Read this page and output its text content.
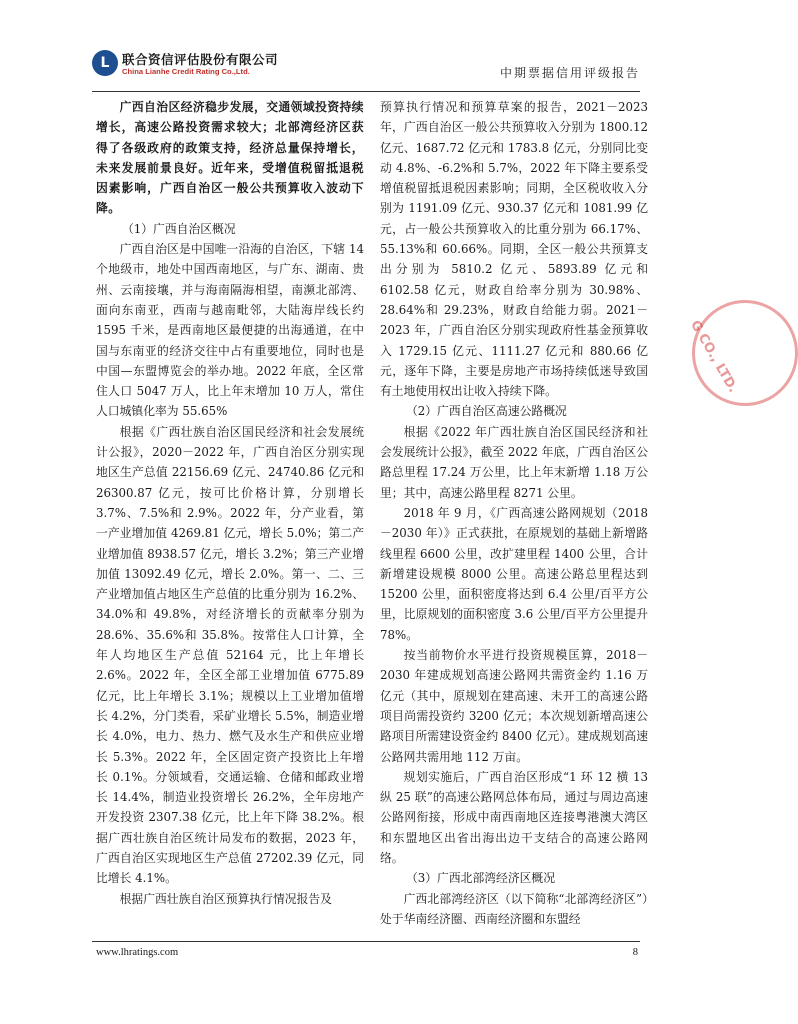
L	联合资信评估股份有限公司
China Lianhe Credit Rating Co.,Ltd.	中期票据信用评级报告

广西自治区经济稳步发展，交通领域投资持续增长，高速公路投资需求较大；北部湾经济区获得了各级政府的政策支持，经济总量保持增长，未来发展前景良好。近年来，受增值税留抵退税因素影响，广西自治区一般公共预算收入波动下降。

（1）广西自治区概况

广西自治区是中国唯一沿海的自治区，下辖 14 个地级市，地处中国西南地区，与广东、湖南、贵州、云南接壤，并与海南隔海相望，南濒北部湾、面向东南亚，西南与越南毗邻，大陆海岸线长约 1595 千米，是西南地区最便捷的出海通道，在中国与东南亚的经济交往中占有重要地位，同时也是中国—东盟博览会的举办地。2022 年底，全区常住人口 5047 万人，比上年末增加 10 万人，常住人口城镇化率为 55.65%

根据《广西壮族自治区国民经济和社会发展统计公报》，2020－2022 年，广西自治区分别实现地区生产总值 22156.69 亿元、24740.86 亿元和 26300.87 亿元，按可比价格计算，分别增长 3.7%、7.5%和 2.9%。2022 年，分产业看，第一产业增加值 4269.81 亿元，增长 5.0%；第二产业增加值 8938.57 亿元，增长 3.2%；第三产业增加值 13092.49 亿元，增长 2.0%。第一、二、三产业增加值占地区生产总值的比重分别为 16.2%、34.0%和 49.8%，对经济增长的贡献率分别为 28.6%、35.6%和 35.8%。按常住人口计算，全年人均地区生产总值 52164 元，比上年增长 2.6%。2022 年，全区全部工业增加值 6775.89 亿元，比上年增长 3.1%；规模以上工业增加值增长 4.2%，分门类看，采矿业增长 5.5%，制造业增长 4.0%，电力、热力、燃气及水生产和供应业增长 5.3%。2022 年，全区固定资产投资比上年增长 0.1%。分领域看，交通运输、仓储和邮政业增长 14.4%，制造业投资增长 26.2%，全年房地产开发投资 2307.38 亿元，比上年下降 38.2%。根据广西壮族自治区统计局发布的数据，2023 年，广西自治区实现地区生产总值 27202.39 亿元，同比增长 4.1%。

根据广西壮族自治区预算执行情况报告及

预算执行情况和预算草案的报告，2021－2023 年，广西自治区一般公共预算收入分别为 1800.12 亿元、1687.72 亿元和 1783.8 亿元，分别同比变动 4.8%、-6.2%和 5.7%，2022 年下降主要系受增值税留抵退税因素影响；同期，全区税收收入分别为 1191.09 亿元、930.37 亿元和 1081.99 亿元，占一般公共预算收入的比重分别为 66.17%、55.13%和 60.66%。同期，全区一般公共预算支出分别为 5810.2 亿元、5893.89 亿元和 6102.58 亿元，财政自给率分别为 30.98%、28.64%和 29.23%，财政自给能力弱。2021－2023 年，广西自治区分别实现政府性基金预算收入 1729.15 亿元、1111.27 亿元和 880.66 亿元，逐年下降，主要是房地产市场持续低迷导致国有土地使用权出让收入持续下降。

（2）广西自治区高速公路概况

根据《2022 年广西壮族自治区国民经济和社会发展统计公报》，截至 2022 年底，广西自治区公路总里程 17.24 万公里，比上年末新增 1.18 万公里；其中，高速公路里程 8271 公里。

2018 年 9 月，《广西高速公路网规划（2018－2030 年）》正式获批，在原规划的基础上新增路线里程 6600 公里，改扩建里程 1400 公里，合计新增建设规模 8000 公里。高速公路总里程达到 15200 公里，面积密度将达到 6.4 公里/百平方公里，比原规划的面积密度 3.6 公里/百平方公里提升 78%。

按当前物价水平进行投资规模匡算，2018－2030 年建成规划高速公路网共需资金约 1.16 万亿元（其中，原规划在建高速、未开工的高速公路项目尚需投资约 3200 亿元；本次规划新增高速公路项目所需建设资金约 8400 亿元）。建成规划高速公路网共需用地 112 万亩。

规划实施后，广西自治区形成“1 环 12 横 13 纵 25 联”的高速公路网总体布局，通过与周边高速公路网衔接，形成中南西南地区连接粤港澳大湾区和东盟地区出省出海出边干支结合的高速公路网络。

（3）广西北部湾经济区概况

广西北部湾经济区（以下简称“北部湾经济区”）处于华南经济圈、西南经济圈和东盟经

G CO., LTD.
www.lhratings.com	8
